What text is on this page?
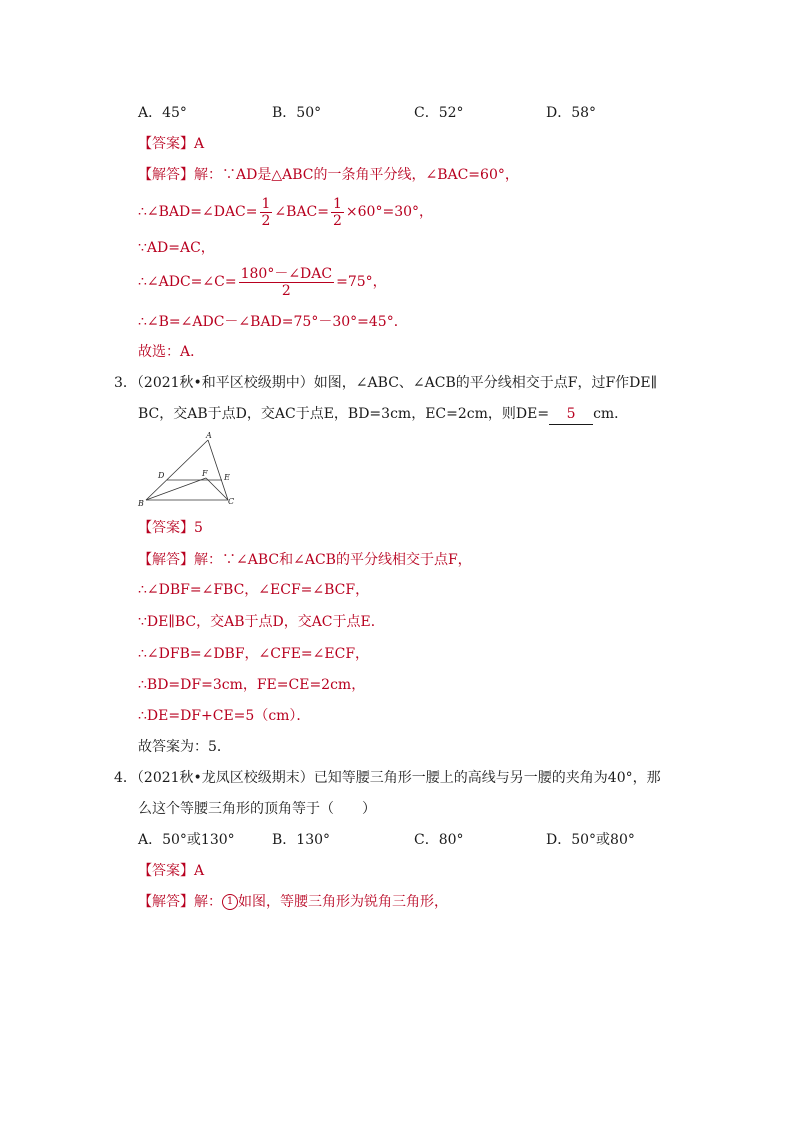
A．45°	B．50°	C．52°	D．58°
【答案】A
【解答】解：∵AD是△ABC的一条角平分线，∠BAC=60°，
∴∠BAD=∠DAC= $\frac{1}{2}$ ∠BAC= $\frac{1}{2} \times 60^\circ=30^\circ$，
∵AD=AC，
∴∠ADC=∠C= $\frac{\text{180°－∠DAC}}{2} =75^\circ$，
∴∠B=∠ADC－∠BAD=75°－30°=45°．
故选：A．
3．（2021秋•和平区校级期中）如图，∠ABC、∠ACB的平分线相交于点F，过F作DE∥
BC，交AB于点D，交AC于点E，BD=3cm，EC=2cm，则DE= 5 cm．
A
D	F E
B	C
【答案】5
【解答】解：∵∠ABC和∠ACB的平分线相交于点F，
∴∠DBF=∠FBC，∠ECF=∠BCF，
∵DE∥BC，交AB于点D，交AC于点E．
∴∠DFB=∠DBF，∠CFE=∠ECF，
∴BD=DF=3cm，FE=CE=2cm，
∴DE=DF+CE=5（cm）．
故答案为：5．
4．（2021秋•龙凤区校级期末）已知等腰三角形一腰上的高线与另一腰的夹角为40°，那
么这个等腰三角形的顶角等于（　　）
A．50°或130°	B．130°	C．80°	D．50°或80°
【答案】A
【解答】解： 1 如图，等腰三角形为锐角三角形，
